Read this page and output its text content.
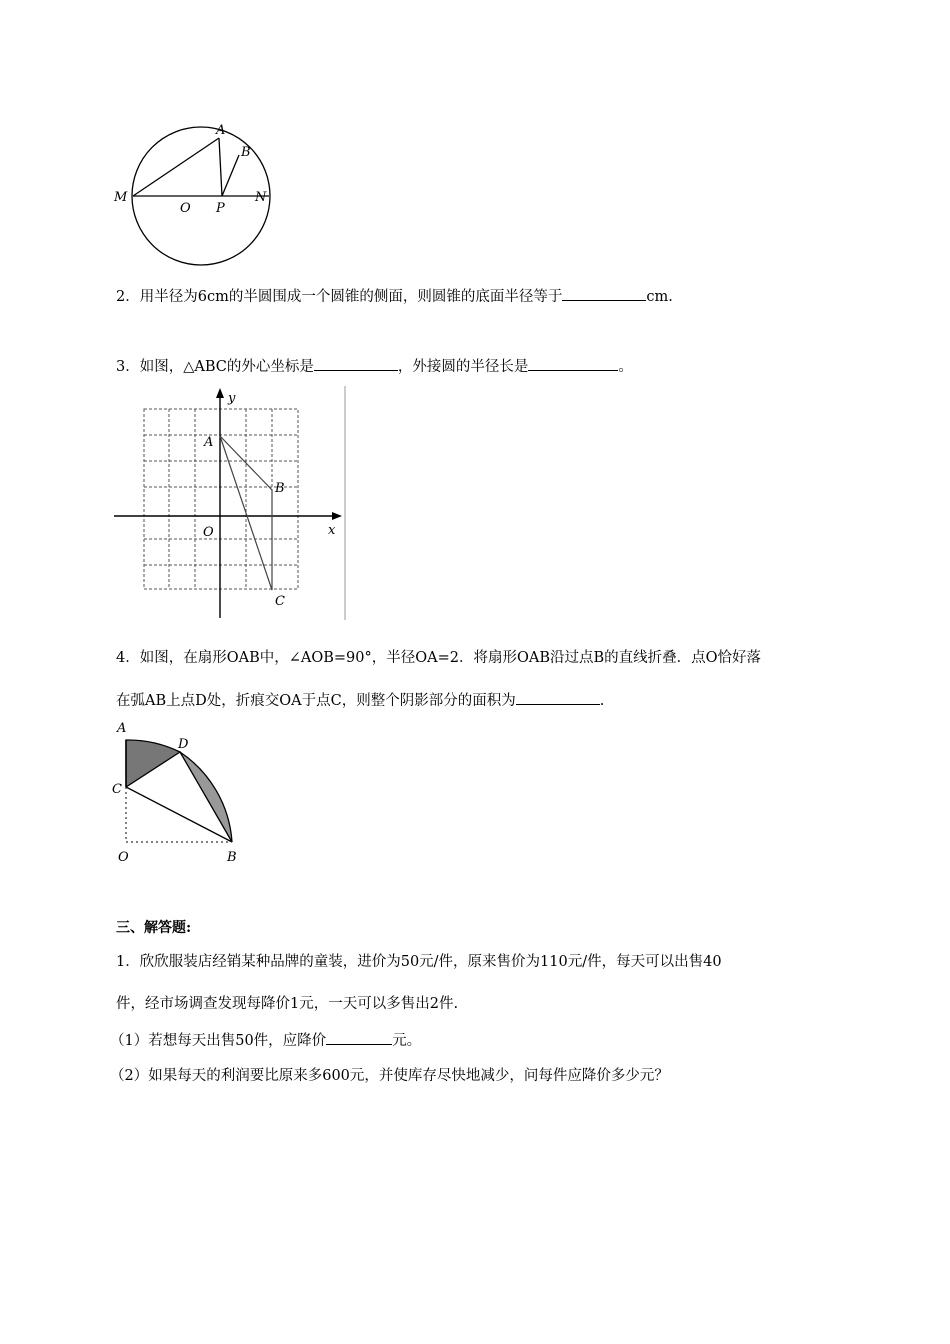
M
O P
N
A
B
2．用半径为6cm的半圆围成一个圆锥的侧面，则圆锥的底面半径等于	cm.
3．如图，△ABC的外心坐标是	，外接圆的半径长是	。
y
x
O
A
B
C
4．如图，在扇形OAB中，∠AOB=90°，半径OA=2．将扇形OAB沿过点B的直线折叠．点O恰好落
在弧AB上点D处，折痕交OA于点C，则整个阴影部分的面积为	.
A
D
C
O	B
三、解答题:
1．欣欣服装店经销某种品牌的童装，进价为50元/件，原来售价为110元/件，每天可以出售40
件，经市场调查发现每降价1元，一天可以多售出2件.
（1）若想每天出售50件，应降价	元。
（2）如果每天的利润要比原来多600元，并使库存尽快地减少，问每件应降价多少元？
